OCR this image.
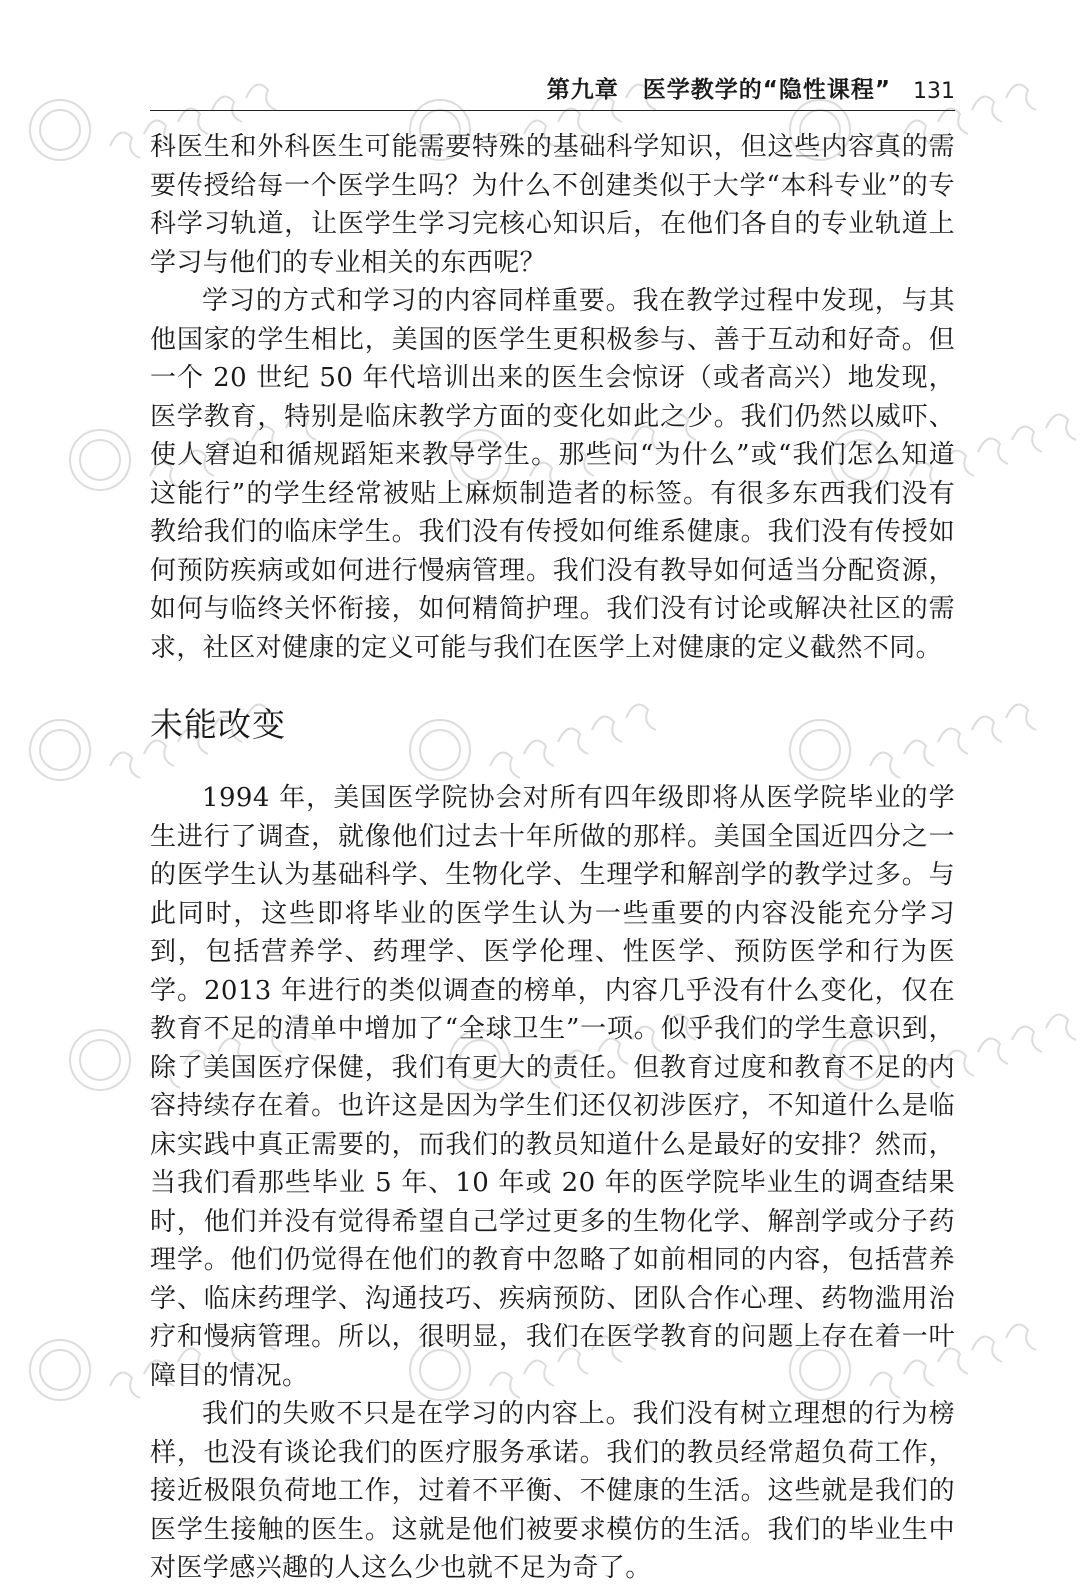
第九章　医学教学的“隐性课程” 131

科医生和外科医生可能需要特殊的基础科学知识，但这些内容真的需要传授给每一个医学生吗？为什么不创建类似于大学“本科专业”的专科学习轨道，让医学生学习完核心知识后，在他们各自的专业轨道上学习与他们的专业相关的东西呢？

学习的方式和学习的内容同样重要。我在教学过程中发现，与其他国家的学生相比，美国的医学生更积极参与、善于互动和好奇。但一个 20 世纪 50 年代培训出来的医生会惊讶（或者高兴）地发现，医学教育，特别是临床教学方面的变化如此之少。我们仍然以威吓、使人窘迫和循规蹈矩来教导学生。那些问“为什么”或“我们怎么知道这能行”的学生经常被贴上麻烦制造者的标签。有很多东西我们没有教给我们的临床学生。我们没有传授如何维系健康。我们没有传授如何预防疾病或如何进行慢病管理。我们没有教导如何适当分配资源，如何与临终关怀衔接，如何精简护理。我们没有讨论或解决社区的需求，社区对健康的定义可能与我们在医学上对健康的定义截然不同。

未能改变

1994 年，美国医学院协会对所有四年级即将从医学院毕业的学生进行了调查，就像他们过去十年所做的那样。美国全国近四分之一的医学生认为基础科学、生物化学、生理学和解剖学的教学过多。与此同时，这些即将毕业的医学生认为一些重要的内容没能充分学习到，包括营养学、药理学、医学伦理、性医学、预防医学和行为医学。2013 年进行的类似调查的榜单，内容几乎没有什么变化，仅在教育不足的清单中增加了“全球卫生”一项。似乎我们的学生意识到，除了美国医疗保健，我们有更大的责任。但教育过度和教育不足的内容持续存在着。也许这是因为学生们还仅初涉医疗，不知道什么是临床实践中真正需要的，而我们的教员知道什么是最好的安排？然而，当我们看那些毕业 5 年、10 年或 20 年的医学院毕业生的调查结果时，他们并没有觉得希望自己学过更多的生物化学、解剖学或分子药理学。他们仍觉得在他们的教育中忽略了如前相同的内容，包括营养学、临床药理学、沟通技巧、疾病预防、团队合作心理、药物滥用治疗和慢病管理。所以，很明显，我们在医学教育的问题上存在着一叶障目的情况。

我们的失败不只是在学习的内容上。我们没有树立理想的行为榜样，也没有谈论我们的医疗服务承诺。我们的教员经常超负荷工作，接近极限负荷地工作，过着不平衡、不健康的生活。这些就是我们的医学生接触的医生。这就是他们被要求模仿的生活。我们的毕业生中对医学感兴趣的人这么少也就不足为奇了。
